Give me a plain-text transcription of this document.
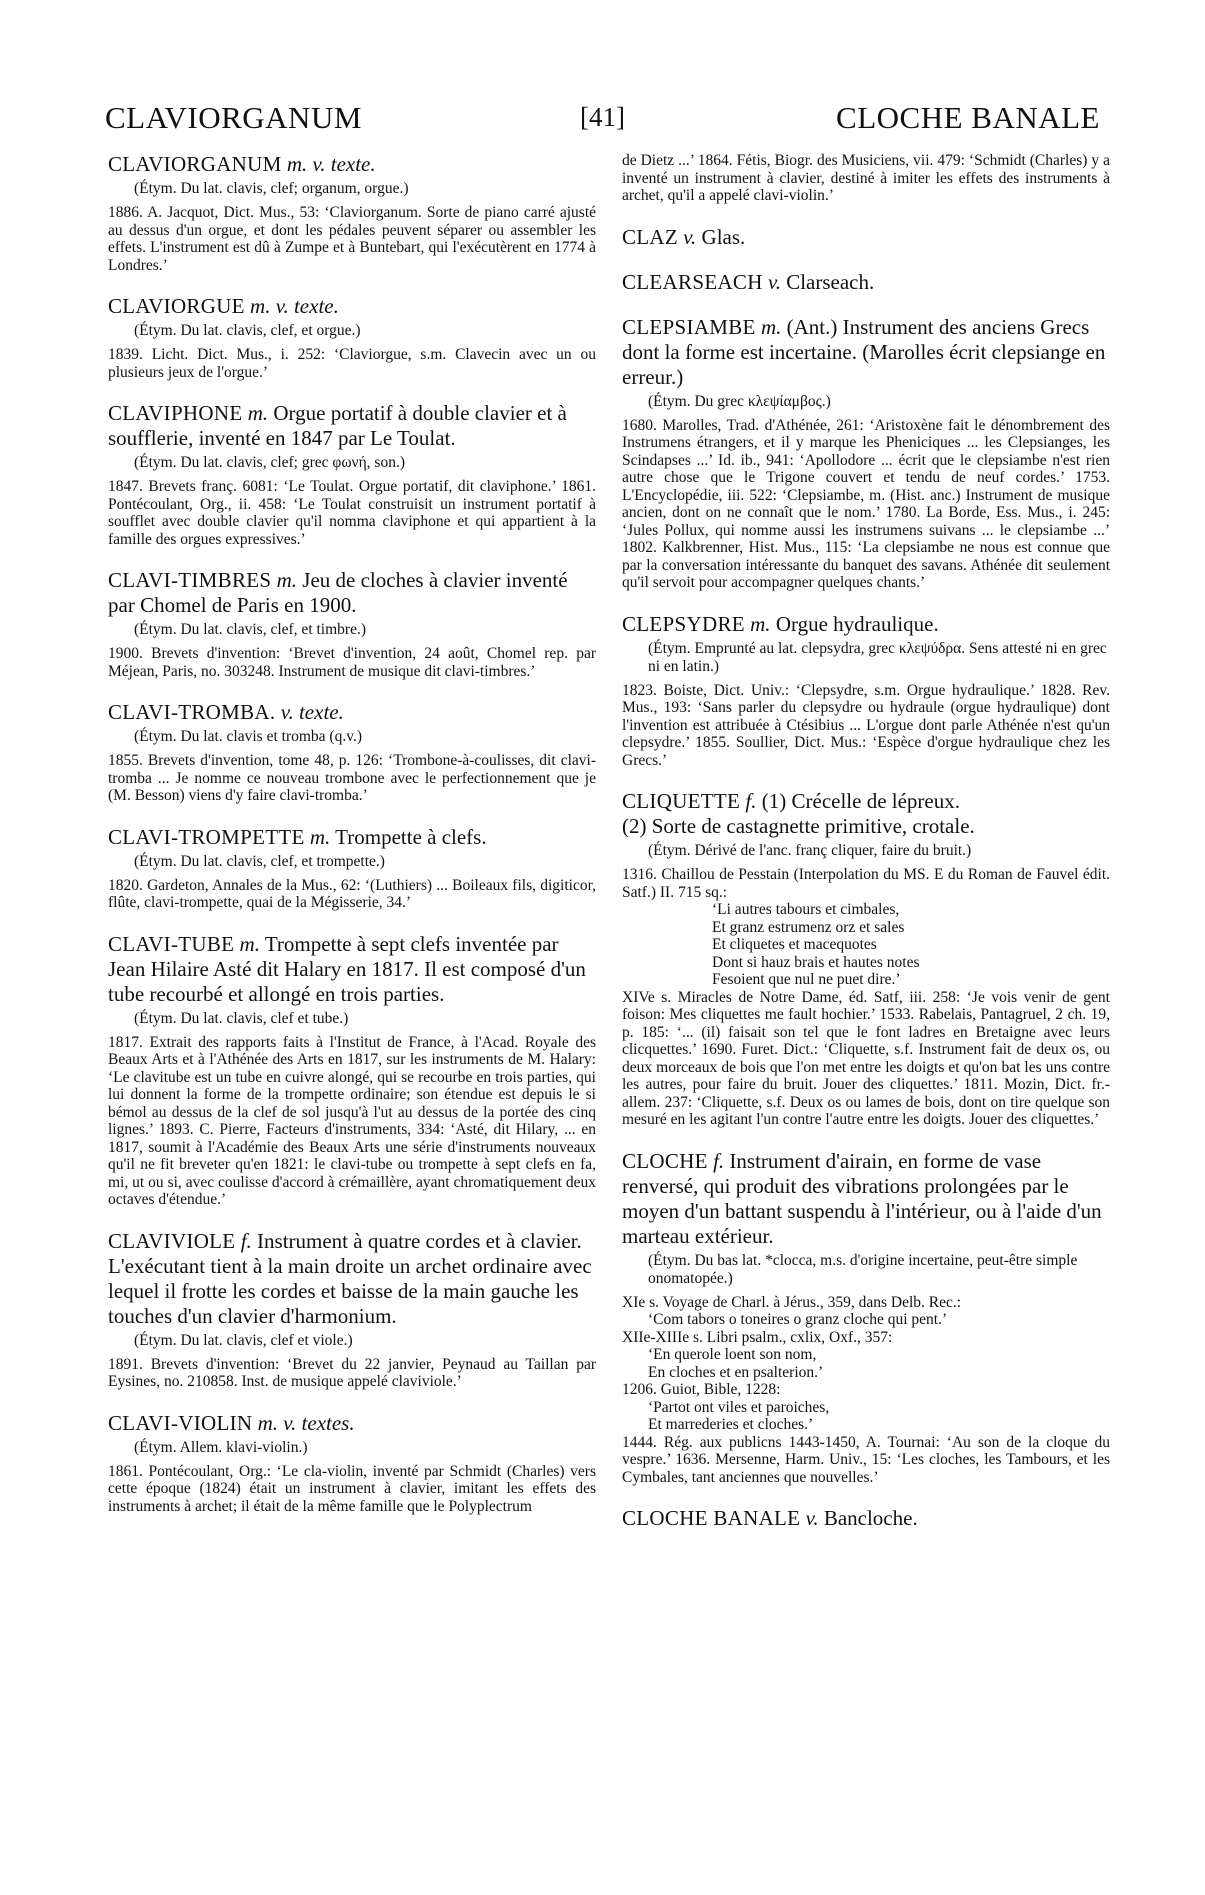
CLAVIORGANUM	[41]	CLOCHE BANALE

CLAVIORGANUM m. v. texte.

(Étym. Du lat. clavis, clef; organum, orgue.)

1886. A. Jacquot, Dict. Mus., 53: ‘Claviorganum. Sorte de piano carré ajusté au dessus d'un orgue, et dont les pédales peuvent séparer ou assembler les effets. L'instrument est dû à Zumpe et à Buntebart, qui l'exécutèrent en 1774 à Londres.’

CLAVIORGUE m. v. texte.

(Étym. Du lat. clavis, clef, et orgue.)

1839. Licht. Dict. Mus., i. 252: ‘Claviorgue, s.m. Clavecin avec un ou plusieurs jeux de l'orgue.’

CLAVIPHONE m. Orgue portatif à double clavier et à soufflerie, inventé en 1847 par Le Toulat.

(Étym. Du lat. clavis, clef; grec φωνή, son.)

1847. Brevets franç. 6081: ‘Le Toulat. Orgue portatif, dit claviphone.’ 1861. Pontécoulant, Org., ii. 458: ‘Le Toulat construisit un instrument portatif à soufflet avec double clavier qu'il nomma claviphone et qui appartient à la famille des orgues expressives.’

CLAVI-TIMBRES m. Jeu de cloches à clavier inventé par Chomel de Paris en 1900.

(Étym. Du lat. clavis, clef, et timbre.)

1900. Brevets d'invention: ‘Brevet d'invention, 24 août, Chomel rep. par Méjean, Paris, no. 303248. Instrument de musique dit clavi-timbres.’

CLAVI-TROMBA. v. texte.

(Étym. Du lat. clavis et tromba (q.v.)

1855. Brevets d'invention, tome 48, p. 126: ‘Trombone-à-coulisses, dit clavi-tromba ... Je nomme ce nouveau trombone avec le perfectionnement que je (M. Besson) viens d'y faire clavi-tromba.’

CLAVI-TROMPETTE m. Trompette à clefs.

(Étym. Du lat. clavis, clef, et trompette.)

1820. Gardeton, Annales de la Mus., 62: ‘(Luthiers) ... Boileaux fils, digiticor, flûte, clavi-trompette, quai de la Mégisserie, 34.’

CLAVI-TUBE m. Trompette à sept clefs inventée par Jean Hilaire Asté dit Halary en 1817. Il est composé d'un tube recourbé et allongé en trois parties.

(Étym. Du lat. clavis, clef et tube.)

1817. Extrait des rapports faits à l'Institut de France, à l'Acad. Royale des Beaux Arts et à l'Athénée des Arts en 1817, sur les instruments de M. Halary: ‘Le clavitube est un tube en cuivre alongé, qui se recourbe en trois parties, qui lui donnent la forme de la trompette ordinaire; son étendue est depuis le si bémol au dessus de la clef de sol jusqu'à l'ut au dessus de la portée des cinq lignes.’ 1893. C. Pierre, Facteurs d'instruments, 334: ‘Asté, dit Hilary, ... en 1817, soumit à l'Académie des Beaux Arts une série d'instruments nouveaux qu'il ne fit breveter qu'en 1821: le clavi-tube ou trompette à sept clefs en fa, mi, ut ou si, avec coulisse d'accord à crémaillère, ayant chromatiquement deux octaves d'étendue.’

CLAVIVIOLE f. Instrument à quatre cordes et à clavier. L'exécutant tient à la main droite un archet ordinaire avec lequel il frotte les cordes et baisse de la main gauche les touches d'un clavier d'harmonium.

(Étym. Du lat. clavis, clef et viole.)

1891. Brevets d'invention: ‘Brevet du 22 janvier, Peynaud au Taillan par Eysines, no. 210858. Inst. de musique appelé claviviole.’

CLAVI-VIOLIN m. v. textes.

(Étym. Allem. klavi-violin.)

1861. Pontécoulant, Org.: ‘Le cla-violin, inventé par Schmidt (Charles) vers cette époque (1824) était un instrument à clavier, imitant les effets des instruments à archet; il était de la même famille que le Polyplectrum

de Dietz ...’ 1864. Fétis, Biogr. des Musiciens, vii. 479: ‘Schmidt (Charles) y a inventé un instrument à clavier, destiné à imiter les effets des instruments à archet, qu'il a appelé clavi-violin.’

CLAZ v. Glas.

CLEARSEACH v. Clarseach.

CLEPSIAMBE m. (Ant.) Instrument des anciens Grecs dont la forme est incertaine. (Marolles écrit clepsiange en erreur.)

(Étym. Du grec κλεψίαμβος.)

1680. Marolles, Trad. d'Athénée, 261: ‘Aristoxène fait le dénombrement des Instrumens étrangers, et il y marque les Pheniciques ... les Clepsianges, les Scindapses ...’ Id. ib., 941: ‘Apollodore ... écrit que le clepsiambe n'est rien autre chose que le Trigone couvert et tendu de neuf cordes.’ 1753. L'Encyclopédie, iii. 522: ‘Clepsiambe, m. (Hist. anc.) Instrument de musique ancien, dont on ne connaît que le nom.’ 1780. La Borde, Ess. Mus., i. 245: ‘Jules Pollux, qui nomme aussi les instrumens suivans ... le clepsiambe ...’ 1802. Kalkbrenner, Hist. Mus., 115: ‘La clepsiambe ne nous est connue que par la conversation intéressante du banquet des savans. Athénée dit seulement qu'il servoit pour accompagner quelques chants.’

CLEPSYDRE m. Orgue hydraulique.

(Étym. Emprunté au lat. clepsydra, grec κλεψύδρα. Sens attesté ni en grec ni en latin.)

1823. Boiste, Dict. Univ.: ‘Clepsydre, s.m. Orgue hydraulique.’ 1828. Rev. Mus., 193: ‘Sans parler du clepsydre ou hydraule (orgue hydraulique) dont l'invention est attribuée à Ctésibius ... L'orgue dont parle Athénée n'est qu'un clepsydre.’ 1855. Soullier, Dict. Mus.: ‘Espèce d'orgue hydraulique chez les Grecs.’

CLIQUETTE f. (1) Crécelle de lépreux.
(2) Sorte de castagnette primitive, crotale.

(Étym. Dérivé de l'anc. franç cliquer, faire du bruit.)

1316. Chaillou de Pesstain (Interpolation du MS. E du Roman de Fauvel édit. Satf.) II. 715 sq.:

‘Li autres tabours et cimbales,
Et granz estrumenz orz et sales
Et cliquetes et macequotes
Dont si hauz brais et hautes notes
Fesoient que nul ne puet dire.’

XIVe s. Miracles de Notre Dame, éd. Satf, iii. 258: ‘Je vois venir de gent foison: Mes cliquettes me fault hochier.’ 1533. Rabelais, Pantagruel, 2 ch. 19, p. 185: ‘... (il) faisait son tel que le font ladres en Bretaigne avec leurs clicquettes.’ 1690. Furet. Dict.: ‘Cliquette, s.f. Instrument fait de deux os, ou deux morceaux de bois que l'on met entre les doigts et qu'on bat les uns contre les autres, pour faire du bruit. Jouer des cliquettes.’ 1811. Mozin, Dict. fr.-allem. 237: ‘Cliquette, s.f. Deux os ou lames de bois, dont on tire quelque son mesuré en les agitant l'un contre l'autre entre les doigts. Jouer des cliquettes.’

CLOCHE f. Instrument d'airain, en forme de vase renversé, qui produit des vibrations prolongées par le moyen d'un battant suspendu à l'intérieur, ou à l'aide d'un marteau extérieur.

(Étym. Du bas lat. *clocca, m.s. d'origine incertaine, peut-être simple onomatopée.)
XIe s. Voyage de Charl. à Jérus., 359, dans Delb. Rec.:
‘Com tabors o toneires o granz cloche qui pent.’
XIIe-XIIIe s. Libri psalm., cxlix, Oxf., 357:
‘En querole loent son nom,
En cloches et en psalterion.’
1206. Guiot, Bible, 1228:
‘Partot ont viles et paroiches,
Et marrederies et cloches.’

1444. Rég. aux publicns 1443-1450, A. Tournai: ‘Au son de la cloque du vespre.’ 1636. Mersenne, Harm. Univ., 15: ‘Les cloches, les Tambours, et les Cymbales, tant anciennes que nouvelles.’

CLOCHE BANALE v. Bancloche.
